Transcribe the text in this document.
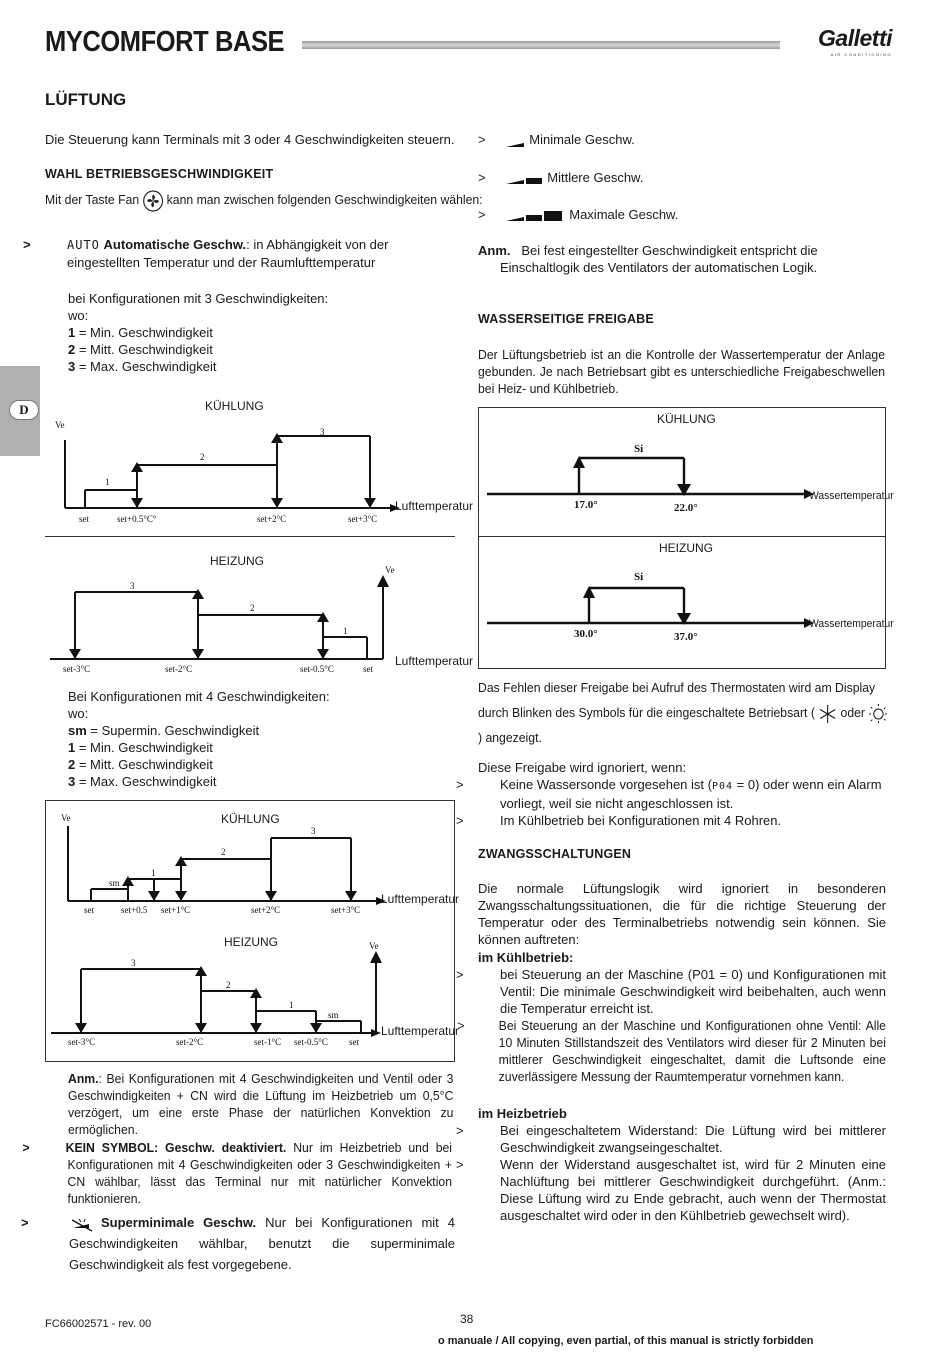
MYCOMFORT BASE	Galletti
AIR CONDITIONING
LÜFTUNG
D
Die Steuerung kann Terminals mit 3 oder 4 Geschwindigkeiten steuern.
WAHL BETRIEBSGESCHWINDIGKEIT
Mit der Taste Fan kann man zwischen folgenden Geschwindigkeiten wählen:
>	AUTO Automatische Geschw.: in Abhängigkeit von der eingestellten Temperatur und der Raumlufttemperatur
bei Konfigurationen mit 3 Geschwindigkeiten:
wo:
1 = Min. Geschwindigkeit
2 = Mitt. Geschwindigkeit
3 = Max. Geschwindigkeit
KÜHLUNG
Ve
1
2
3
set	set+0.5°C°	set+2°C	set+3°C
Lufttemperatur
HEIZUNG
Ve
3
2
1
set-3°C	set-2°C	set-0.5°C	set
Lufttemperatur
Bei Konfigurationen mit 4 Geschwindigkeiten:
wo:
sm = Supermin. Geschwindigkeit
1 = Min. Geschwindigkeit
2 = Mitt. Geschwindigkeit
3 = Max. Geschwindigkeit
KÜHLUNG
HEIZUNG
Ve
sm
1
2
3
set	set+0.5 set+1°C	set+2°C	set+3°C
Ve
3
2
1
sm
set-3°C	set-2°C	set-1°C set-0.5°C set
Lufttemperatur
Lufttemperatur
Anm.: Bei Konfigurationen mit 4 Geschwindigkeiten und Ventil oder 3 Geschwindigkeiten + CN wird die Lüftung im Heizbetrieb um 0,5°C verzögert, um eine erste Phase der natürlichen Konvektion zu ermöglichen.
>	KEIN SYMBOL: Geschw. deaktiviert. Nur im Heizbetrieb und bei Konfigurationen mit 4 Geschwindigkeiten oder 3 Geschwindigkeiten + CN wählbar, lässt das Terminal nur mit natürlicher Konvektion funktionieren.
>	Superminimale Geschw. Nur bei Konfigurationen mit 4 Geschwindigkeiten wählbar, benutzt die superminimale Geschwindigkeit als fest vorgegebene.
>	Minimale Geschw.
>	Mittlere Geschw.
>	Maximale Geschw.
Anm. Bei fest eingestellter Geschwindigkeit entspricht die Einschaltlogik des Ventilators der automatischen Logik.
WASSERSEITIGE FREIGABE
Der Lüftungsbetrieb ist an die Kontrolle der Wassertemperatur der Anlage gebunden. Je nach Betriebsart gibt es unterschiedliche Freigabeschwellen bei Heiz- und Kühlbetrieb.
KÜHLUNG
HEIZUNG
Si
17.0°	22.0°
Si
30.0°	37.0°
Wassertemperatur
Wassertemperatur
Das Fehlen dieser Freigabe bei Aufruf des Thermostaten wird am Display
durch Blinken des Symbols für die eingeschaltete Betriebsart ( oder
) angezeigt.
Diese Freigabe wird ignoriert, wenn:
>	Keine Wassersonde vorgesehen ist (P04 = 0) oder wenn ein Alarm vorliegt, weil sie nicht angeschlossen ist.
>	Im Kühlbetrieb bei Konfigurationen mit 4 Rohren.
ZWANGSSCHALTUNGEN
Die normale Lüftungslogik wird ignoriert in besonderen Zwangsschaltungssituationen, die für die richtige Steuerung der Temperatur oder des Terminalbetriebs notwendig sein können. Sie können auftreten:
im Kühlbetrieb:
>	bei Steuerung an der Maschine (P01 = 0) und Konfigurationen mit Ventil: Die minimale Geschwindigkeit wird beibehalten, auch wenn die Temperatur erreicht ist.
>	Bei Steuerung an der Maschine und Konfigurationen ohne Ventil: Alle 10 Minuten Stillstandszeit des Ventilators wird dieser für 2 Minuten bei mittlerer Geschwindigkeit eingeschaltet, damit die Luftsonde eine zuverlässigere Messung der Raumtemperatur vornehmen kann.
im Heizbetrieb
>	Bei eingeschaltetem Widerstand: Die Lüftung wird bei mittlerer Geschwindigkeit zwangseingeschaltet.
>	Wenn der Widerstand ausgeschaltet ist, wird für 2 Minuten eine Nachlüftung bei mittlerer Geschwindigkeit durchgeführt. (Anm.: Diese Lüftung wird zu Ende gebracht, auch wenn der Thermostat ausgeschaltet wird oder in den Kühlbetrieb gewechselt wird).
FC66002571 - rev. 00	38
o manuale / All copying, even partial, of this manual is strictly forbidden
